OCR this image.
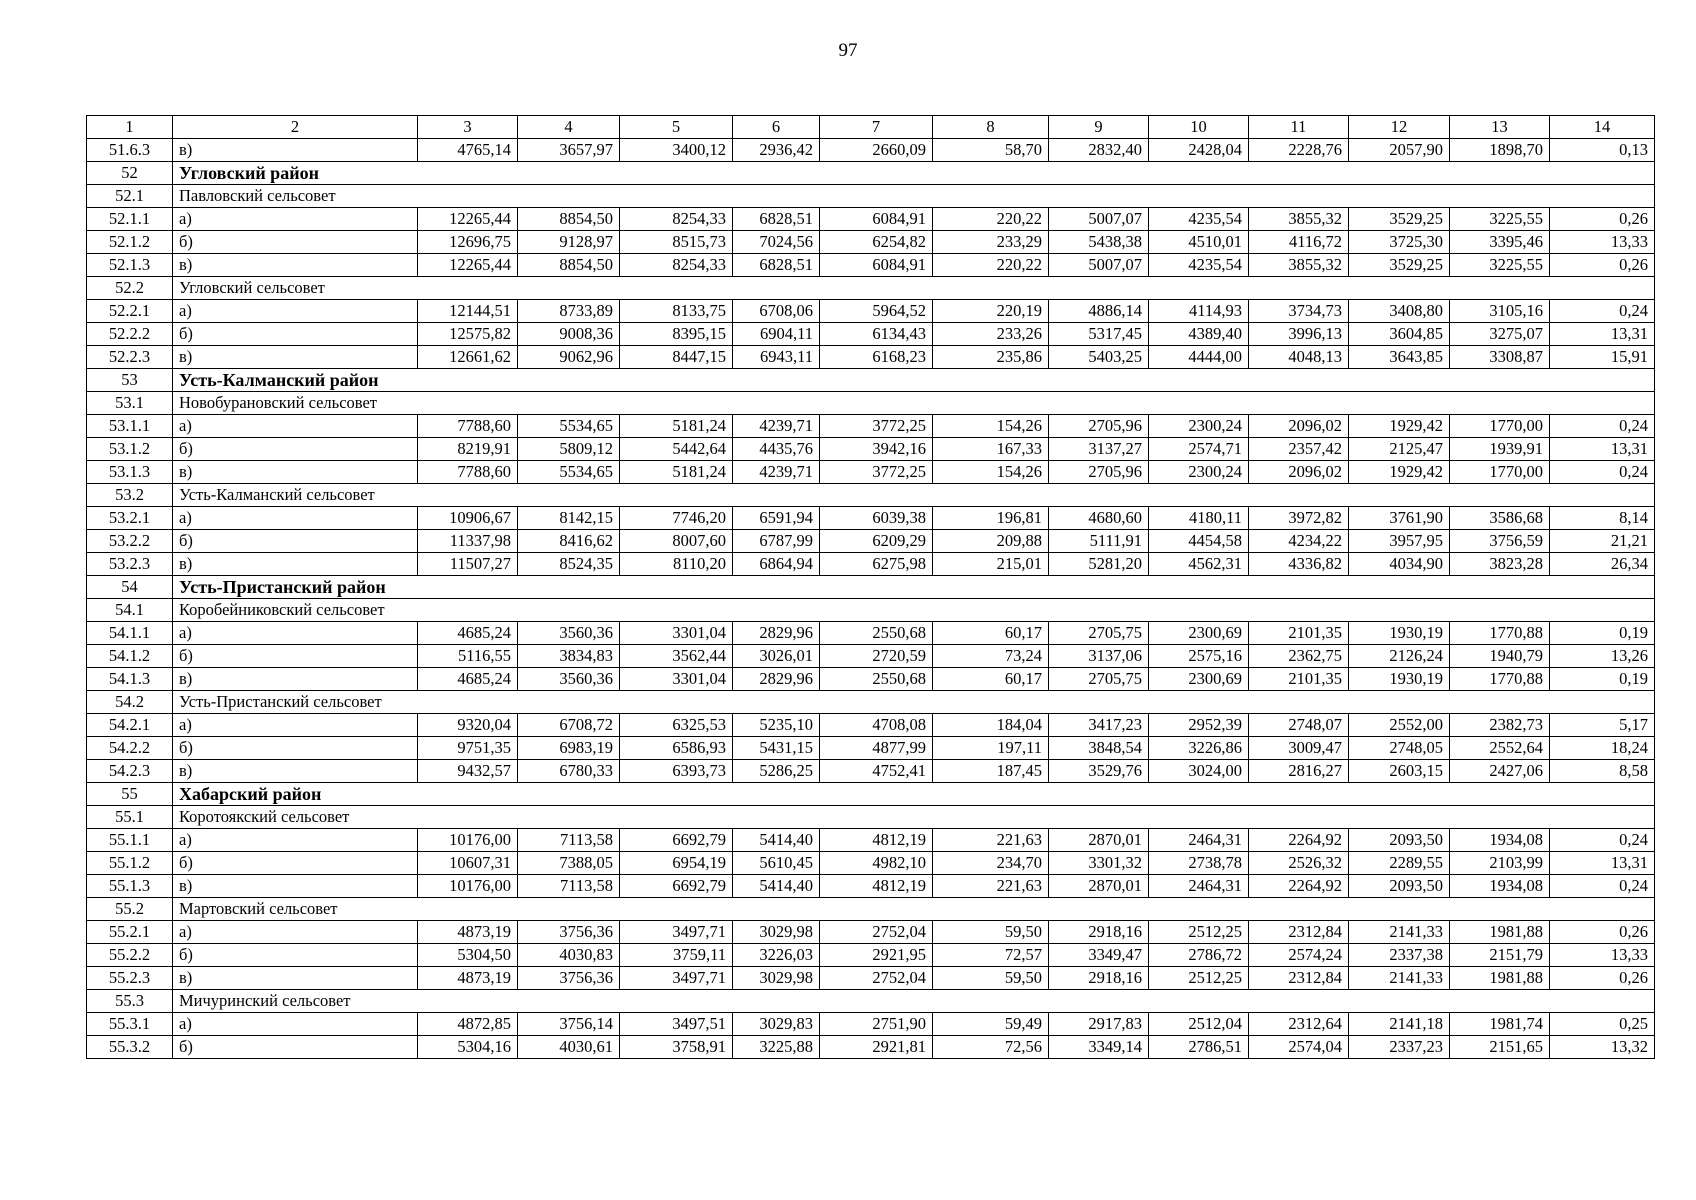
97
1	2	3	4	5	6	7	8	9	10	11	12	13	14
51.6.3	в)	4765,14	3657,97	3400,12	2936,42	2660,09	58,70	2832,40	2428,04	2228,76	2057,90	1898,70	0,13
52	Угловский район												
52.1	Павловский сельсовет												
52.1.1	а)	12265,44	8854,50	8254,33	6828,51	6084,91	220,22	5007,07	4235,54	3855,32	3529,25	3225,55	0,26
52.1.2	б)	12696,75	9128,97	8515,73	7024,56	6254,82	233,29	5438,38	4510,01	4116,72	3725,30	3395,46	13,33
52.1.3	в)	12265,44	8854,50	8254,33	6828,51	6084,91	220,22	5007,07	4235,54	3855,32	3529,25	3225,55	0,26
52.2	Угловский сельсовет												
52.2.1	а)	12144,51	8733,89	8133,75	6708,06	5964,52	220,19	4886,14	4114,93	3734,73	3408,80	3105,16	0,24
52.2.2	б)	12575,82	9008,36	8395,15	6904,11	6134,43	233,26	5317,45	4389,40	3996,13	3604,85	3275,07	13,31
52.2.3	в)	12661,62	9062,96	8447,15	6943,11	6168,23	235,86	5403,25	4444,00	4048,13	3643,85	3308,87	15,91
53	Усть-Калманский район												
53.1	Новобурановский сельсовет												
53.1.1	а)	7788,60	5534,65	5181,24	4239,71	3772,25	154,26	2705,96	2300,24	2096,02	1929,42	1770,00	0,24
53.1.2	б)	8219,91	5809,12	5442,64	4435,76	3942,16	167,33	3137,27	2574,71	2357,42	2125,47	1939,91	13,31
53.1.3	в)	7788,60	5534,65	5181,24	4239,71	3772,25	154,26	2705,96	2300,24	2096,02	1929,42	1770,00	0,24
53.2	Усть-Калманский сельсовет												
53.2.1	а)	10906,67	8142,15	7746,20	6591,94	6039,38	196,81	4680,60	4180,11	3972,82	3761,90	3586,68	8,14
53.2.2	б)	11337,98	8416,62	8007,60	6787,99	6209,29	209,88	5111,91	4454,58	4234,22	3957,95	3756,59	21,21
53.2.3	в)	11507,27	8524,35	8110,20	6864,94	6275,98	215,01	5281,20	4562,31	4336,82	4034,90	3823,28	26,34
54	Усть-Пристанский район												
54.1	Коробейниковский сельсовет												
54.1.1	а)	4685,24	3560,36	3301,04	2829,96	2550,68	60,17	2705,75	2300,69	2101,35	1930,19	1770,88	0,19
54.1.2	б)	5116,55	3834,83	3562,44	3026,01	2720,59	73,24	3137,06	2575,16	2362,75	2126,24	1940,79	13,26
54.1.3	в)	4685,24	3560,36	3301,04	2829,96	2550,68	60,17	2705,75	2300,69	2101,35	1930,19	1770,88	0,19
54.2	Усть-Пристанский сельсовет												
54.2.1	а)	9320,04	6708,72	6325,53	5235,10	4708,08	184,04	3417,23	2952,39	2748,07	2552,00	2382,73	5,17
54.2.2	б)	9751,35	6983,19	6586,93	5431,15	4877,99	197,11	3848,54	3226,86	3009,47	2748,05	2552,64	18,24
54.2.3	в)	9432,57	6780,33	6393,73	5286,25	4752,41	187,45	3529,76	3024,00	2816,27	2603,15	2427,06	8,58
55	Хабарский район												
55.1	Коротоякский сельсовет												
55.1.1	а)	10176,00	7113,58	6692,79	5414,40	4812,19	221,63	2870,01	2464,31	2264,92	2093,50	1934,08	0,24
55.1.2	б)	10607,31	7388,05	6954,19	5610,45	4982,10	234,70	3301,32	2738,78	2526,32	2289,55	2103,99	13,31
55.1.3	в)	10176,00	7113,58	6692,79	5414,40	4812,19	221,63	2870,01	2464,31	2264,92	2093,50	1934,08	0,24
55.2	Мартовский сельсовет												
55.2.1	а)	4873,19	3756,36	3497,71	3029,98	2752,04	59,50	2918,16	2512,25	2312,84	2141,33	1981,88	0,26
55.2.2	б)	5304,50	4030,83	3759,11	3226,03	2921,95	72,57	3349,47	2786,72	2574,24	2337,38	2151,79	13,33
55.2.3	в)	4873,19	3756,36	3497,71	3029,98	2752,04	59,50	2918,16	2512,25	2312,84	2141,33	1981,88	0,26
55.3	Мичуринский сельсовет												
55.3.1	а)	4872,85	3756,14	3497,51	3029,83	2751,90	59,49	2917,83	2512,04	2312,64	2141,18	1981,74	0,25
55.3.2	б)	5304,16	4030,61	3758,91	3225,88	2921,81	72,56	3349,14	2786,51	2574,04	2337,23	2151,65	13,32
